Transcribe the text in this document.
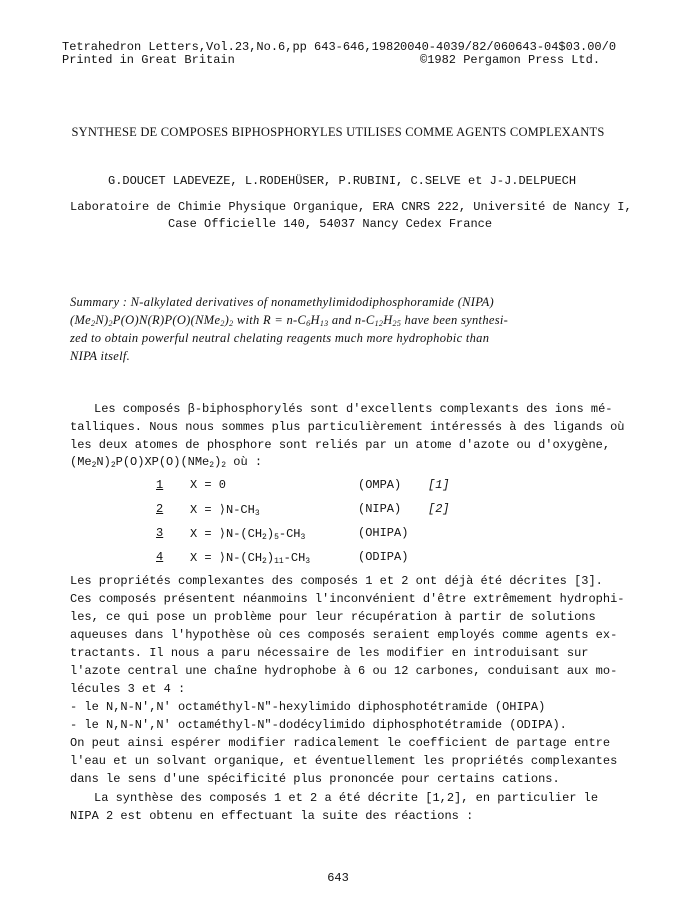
Tetrahedron Letters,Vol.23,No.6,pp 643-646,1982
Printed in Great Britain
0040-4039/82/060643-04$03.00/0
©1982 Pergamon Press Ltd.
SYNTHESE DE COMPOSES BIPHOSPHORYLES UTILISES COMME AGENTS COMPLEXANTS
G.DOUCET LADEVEZE, L.RODEHÜSER, P.RUBINI, C.SELVE et J-J.DELPUECH
Laboratoire de Chimie Physique Organique, ERA CNRS 222, Université de Nancy I,
Case Officielle 140, 54037 Nancy Cedex France
Summary : N-alkylated derivatives of nonamethylimidodiphosphoramide (NIPA)
$(Me_2N)_2P(O)N(R)P(O)(NMe_2)_2$ with $R = n-C_6H_{13}$ and $n-C_{12}H_{25}$ have been synthesi-
zed to obtain powerful neutral chelating reagents much more hydrophobic than
NIPA itself.
Les composés β-biphosphorylés sont d'excellents complexants des ions mé-
talliques. Nous nous sommes plus particulièrement intéressés à des ligands où
les deux atomes de phosphore sont reliés par un atome d'azote ou d'oxygène,
$(Me_2N)_2P(O)XP(O)(NMe_2)_2$ où :
1 X = 0	(OMPA) [1]
2 $X = ⟩N-CH_3$	(NIPA) [2]
3 $X = ⟩N-(CH_2)_5-CH_3$	(OHIPA)
4 $X = ⟩N-(CH_2)_{11}-CH_3$	(ODIPA)
Les propriétés complexantes des composés 1 et 2 ont déjà été décrites [3].
Ces composés présentent néanmoins l'inconvénient d'être extrêmement hydrophi-
les, ce qui pose un problème pour leur récupération à partir de solutions
aqueuses dans l'hypothèse où ces composés seraient employés comme agents ex-
tractants. Il nous a paru nécessaire de les modifier en introduisant sur
l'azote central une chaîne hydrophobe à 6 ou 12 carbones, conduisant aux mo-
lécules 3 et 4 :
- le N,N-N',N' octaméthyl-N"-hexylimido diphosphotétramide (OHIPA)
- le N,N-N',N' octaméthyl-N"-dodécylimido diphosphotétramide (ODIPA).
On peut ainsi espérer modifier radicalement le coefficient de partage entre
l'eau et un solvant organique, et éventuellement les propriétés complexantes
dans le sens d'une spécificité plus prononcée pour certains cations.
La synthèse des composés 1 et 2 a été décrite [1,2], en particulier le
NIPA 2 est obtenu en effectuant la suite des réactions :
643
